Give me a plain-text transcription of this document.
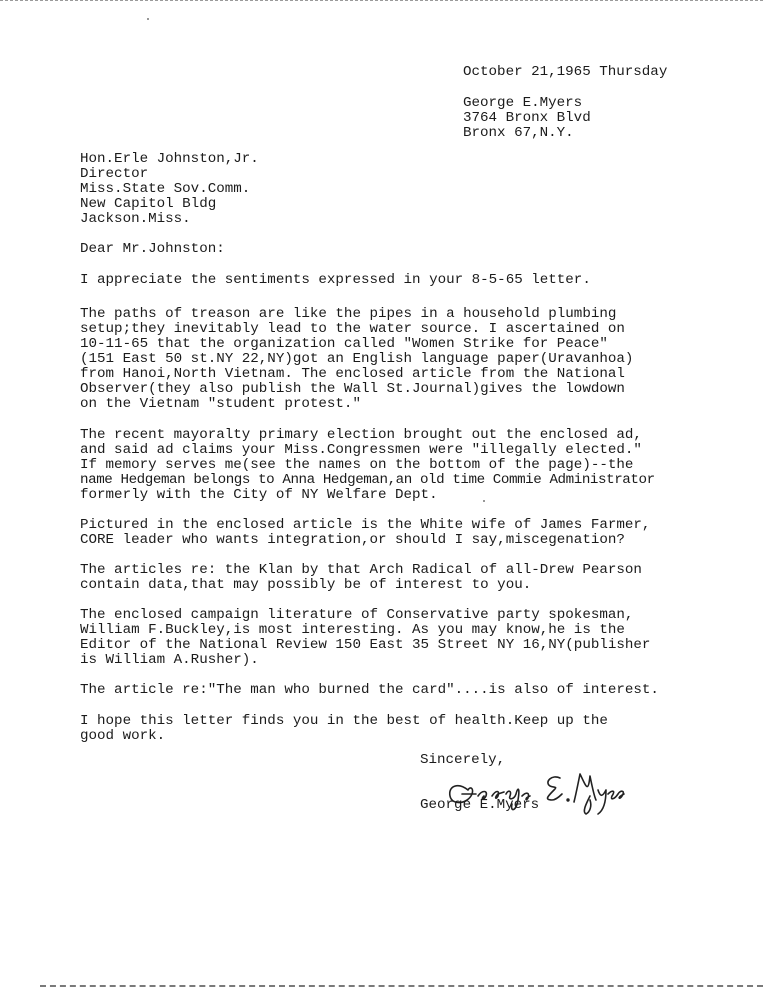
October 21,1965 Thursday
George E.Myers
3764 Bronx Blvd
Bronx 67,N.Y.
Hon.Erle Johnston,Jr.
Director
Miss.State Sov.Comm.
New Capitol Bldg
Jackson.Miss.
Dear Mr.Johnston:
I appreciate the sentiments expressed in your 8-5-65 letter.
The paths of treason are like the pipes in a household plumbing
setup;they inevitably lead to the water source. I ascertained on
10-11-65 that the organization called "Women Strike for Peace"
(151 East 50 st.NY 22,NY)got an English language paper(Uravanhoa)
from Hanoi,North Vietnam. The enclosed article from the National
Observer(they also publish the Wall St.Journal)gives the lowdown
on the Vietnam "student protest."
The recent mayoralty primary election brought out the enclosed ad,
and said ad claims your Miss.Congressmen were "illegally elected."
If memory serves me(see the names on the bottom of the page)--the
name Hedgeman belongs to Anna Hedgeman,an old time Commie Administrator
formerly with the City of NY Welfare Dept.
Pictured in the enclosed article is the White wife of James Farmer,
CORE leader who wants integration,or should I say,miscegenation?
The articles re: the Klan by that Arch Radical of all-Drew Pearson
contain data,that may possibly be of interest to you.
The enclosed campaign literature of Conservative party spokesman,
William F.Buckley,is most interesting. As you may know,he is the
Editor of the National Review 150 East 35 Street NY 16,NY(publisher
is William A.Rusher).
The article re:"The man who burned the card"....is also of interest.
I hope this letter finds you in the best of health.Keep up the
good work.
Sincerely,
George E.Myers
